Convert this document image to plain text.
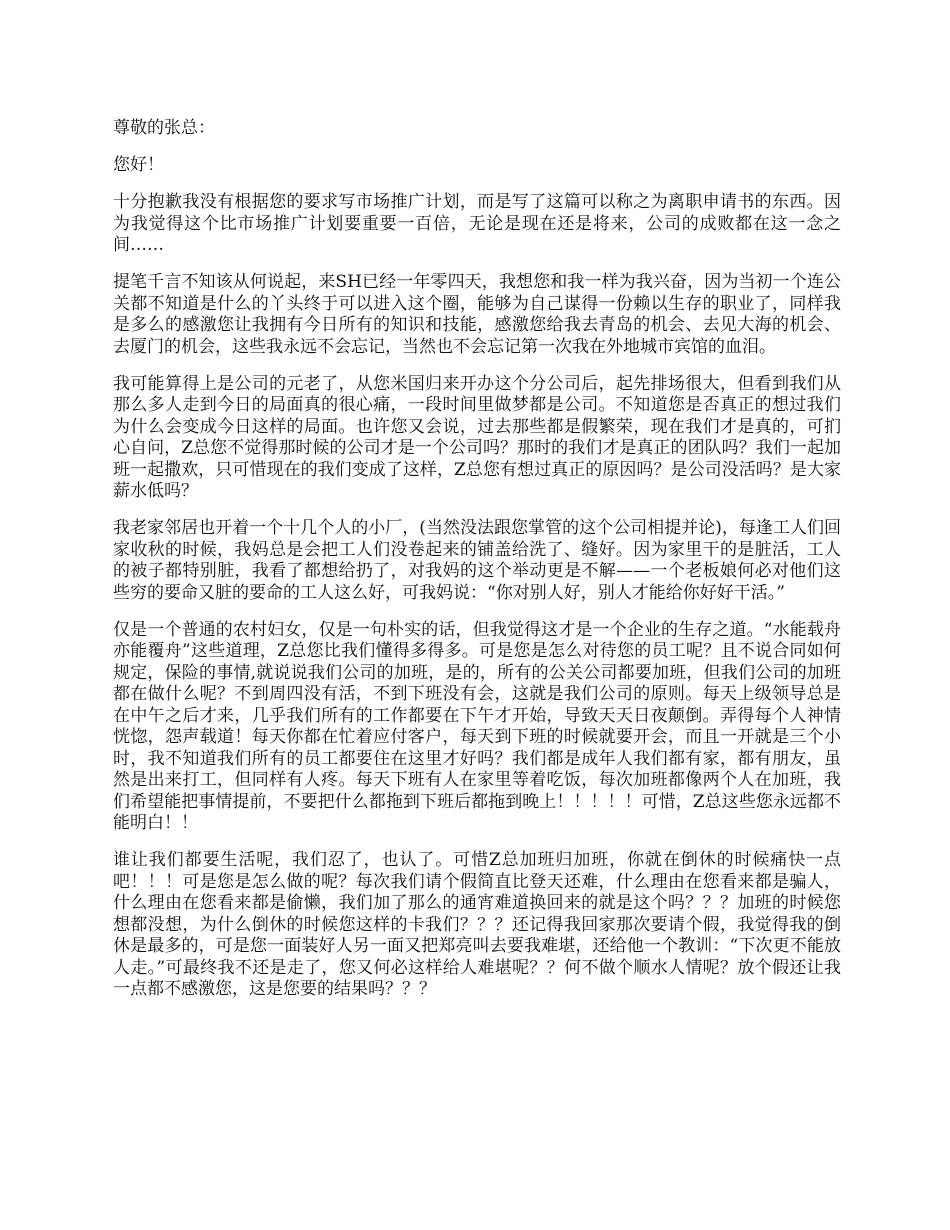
尊敬的张总：

您好！

十分抱歉我没有根据您的要求写市场推广计划，而是写了这篇可以称之为离职申请书的东西。因为我觉得这个比市场推广计划要重要一百倍，无论是现在还是将来，公司的成败都在这一念之间……

提笔千言不知该从何说起，来SH已经一年零四天，我想您和我一样为我兴奋，因为当初一个连公关都不知道是什么的丫头终于可以进入这个圈，能够为自己谋得一份赖以生存的职业了，同样我是多么的感激您让我拥有今日所有的知识和技能，感激您给我去青岛的机会、去见大海的机会、去厦门的机会，这些我永远不会忘记，当然也不会忘记第一次我在外地城市宾馆的血泪。

我可能算得上是公司的元老了，从您米国归来开办这个分公司后，起先排场很大，但看到我们从那么多人走到今日的局面真的很心痛，一段时间里做梦都是公司。不知道您是否真正的想过我们为什么会变成今日这样的局面。也许您又会说，过去那些都是假繁荣，现在我们才是真的，可扪心自问，Z总您不觉得那时候的公司才是一个公司吗？那时的我们才是真正的团队吗？我们一起加班一起撒欢，只可惜现在的我们变成了这样，Z总您有想过真正的原因吗？是公司没活吗？是大家薪水低吗？

我老家邻居也开着一个十几个人的小厂，(当然没法跟您掌管的这个公司相提并论)，每逢工人们回家收秋的时候，我妈总是会把工人们没卷起来的铺盖给洗了、缝好。因为家里干的是脏活，工人的被子都特别脏，我看了都想给扔了，对我妈的这个举动更是不解——一个老板娘何必对他们这些穷的要命又脏的要命的工人这么好，可我妈说：“你对别人好，别人才能给你好好干活。”

仅是一个普通的农村妇女，仅是一句朴实的话，但我觉得这才是一个企业的生存之道。“水能载舟亦能覆舟”这些道理，Z总您比我们懂得多得多。可是您是怎么对待您的员工呢？且不说合同如何规定，保险的事情,就说说我们公司的加班，是的，所有的公关公司都要加班，但我们公司的加班都在做什么呢？不到周四没有活，不到下班没有会，这就是我们公司的原则。每天上级领导总是在中午之后才来，几乎我们所有的工作都要在下午才开始，导致天天日夜颠倒。弄得每个人神情恍惚，怨声载道！每天你都在忙着应付客户，每天到下班的时候就要开会，而且一开就是三个小时，我不知道我们所有的员工都要住在这里才好吗？我们都是成年人我们都有家，都有朋友，虽然是出来打工，但同样有人疼。每天下班有人在家里等着吃饭，每次加班都像两个人在加班，我们希望能把事情提前，不要把什么都拖到下班后都拖到晚上！！！！！可惜，Z总这些您永远都不能明白！！

谁让我们都要生活呢，我们忍了，也认了。可惜Z总加班归加班，你就在倒休的时候痛快一点吧！！！可是您是怎么做的呢？每次我们请个假简直比登天还难，什么理由在您看来都是骗人，什么理由在您看来都是偷懒，我们加了那么的通宵难道换回来的就是这个吗？？？加班的时候您想都没想，为什么倒休的时候您这样的卡我们？？？还记得我回家那次要请个假，我觉得我的倒休是最多的，可是您一面装好人另一面又把郑亮叫去要我难堪，还给他一个教训：“下次更不能放人走。”可最终我不还是走了，您又何必这样给人难堪呢？？何不做个顺水人情呢？放个假还让我一点都不感激您，这是您要的结果吗？？？
